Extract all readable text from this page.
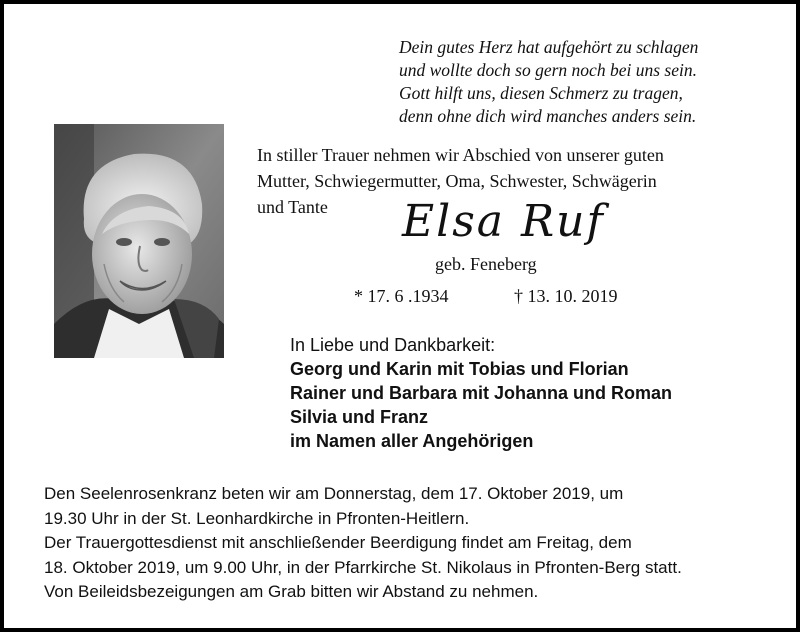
Dein gutes Herz hat aufgehört zu schlagen
und wollte doch so gern noch bei uns sein.
Gott hilft uns, diesen Schmerz zu tragen,
denn ohne dich wird manches anders sein.
In stiller Trauer nehmen wir Abschied von unserer guten
Mutter, Schwiegermutter, Oma, Schwester, Schwägerin
und Tante	Elsa Ruf
geb. Feneberg
* 17. 6 .1934	† 13. 10. 2019
In Liebe und Dankbarkeit:
Georg und Karin mit Tobias und Florian
Rainer und Barbara mit Johanna und Roman
Silvia und Franz
im Namen aller Angehörigen
Den Seelenrosenkranz beten wir am Donnerstag, dem 17. Oktober 2019, um
19.30 Uhr in der St. Leonhardkirche in Pfronten-Heitlern.
Der Trauergottesdienst mit anschließender Beerdigung findet am Freitag, dem
18. Oktober 2019, um 9.00 Uhr, in der Pfarrkirche St. Nikolaus in Pfronten-Berg statt.
Von Beileidsbezeigungen am Grab bitten wir Abstand zu nehmen.
